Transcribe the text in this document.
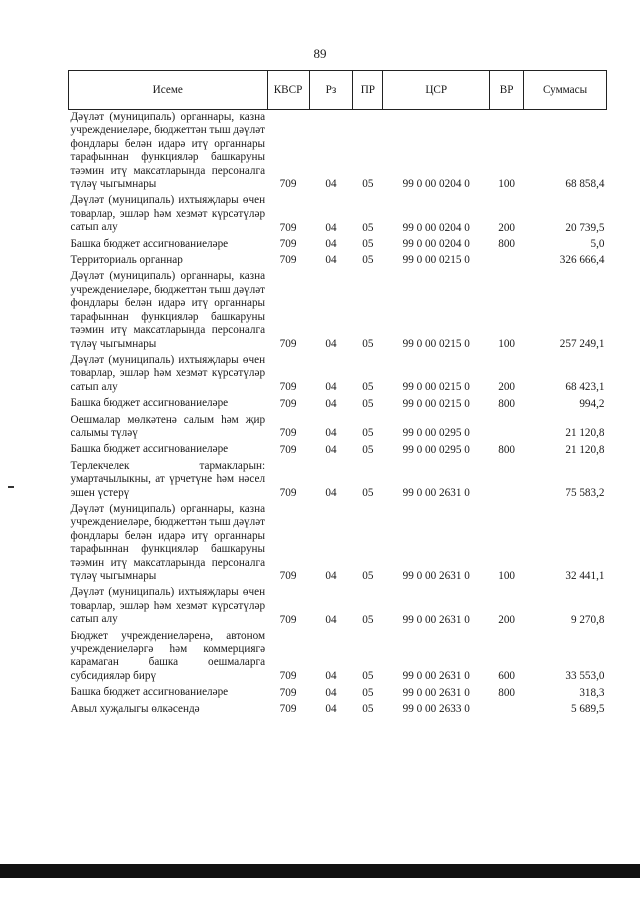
89
Исеме	КВСР	Рз	ПР	ЦСР	ВР	Суммасы
Дәүләт (муниципаль) органнары, казна учреждениеләре, бюджеттән тыш дәүләт фондлары белән идарә итү органнары тарафыннан функцияләр башкаруны тәэмин итү максатларында персоналга түләү чыгымнары	709	04	05	99 0 00 0204 0	100	68 858,4
Дәүләт (муниципаль) ихтыяҗлары өчен товарлар, эшләр һәм хезмәт күрсәтүләр сатып алу	709	04	05	99 0 00 0204 0	200	20 739,5
Башка бюджет ассигнованиеләре	709	04	05	99 0 00 0204 0	800	5,0
Территориаль органнар	709	04	05	99 0 00 0215 0		326 666,4
Дәүләт (муниципаль) органнары, казна учреждениеләре, бюджеттән тыш дәүләт фондлары белән идарә итү органнары тарафыннан функцияләр башкаруны тәэмин итү максатларында персоналга түләү чыгымнары	709	04	05	99 0 00 0215 0	100	257 249,1
Дәүләт (муниципаль) ихтыяҗлары өчен товарлар, эшләр һәм хезмәт күрсәтүләр сатып алу	709	04	05	99 0 00 0215 0	200	68 423,1
Башка бюджет ассигнованиеләре	709	04	05	99 0 00 0215 0	800	994,2
Оешмалар мөлкәтенә салым һәм җир салымы түләү	709	04	05	99 0 00 0295 0		21 120,8
Башка бюджет ассигнованиеләре	709	04	05	99 0 00 0295 0	800	21 120,8
Терлекчелек тармакларын: умартачылыкны, ат үрчетүне һәм нәсел эшен үстерү	709	04	05	99 0 00 2631 0		75 583,2
Дәүләт (муниципаль) органнары, казна учреждениеләре, бюджеттән тыш дәүләт фондлары белән идарә итү органнары тарафыннан функцияләр башкаруны тәэмин итү максатларында персоналга түләү чыгымнары	709	04	05	99 0 00 2631 0	100	32 441,1
Дәүләт (муниципаль) ихтыяҗлары өчен товарлар, эшләр һәм хезмәт күрсәтүләр сатып алу	709	04	05	99 0 00 2631 0	200	9 270,8
Бюджет учреждениеләренә, автоном учреждениеләргә һәм коммерциягә карамаган башка оешмаларга субсидияләр бирү	709	04	05	99 0 00 2631 0	600	33 553,0
Башка бюджет ассигнованиеләре	709	04	05	99 0 00 2631 0	800	318,3
Авыл хуҗалыгы өлкәсендә	709	04	05	99 0 00 2633 0		5 689,5
